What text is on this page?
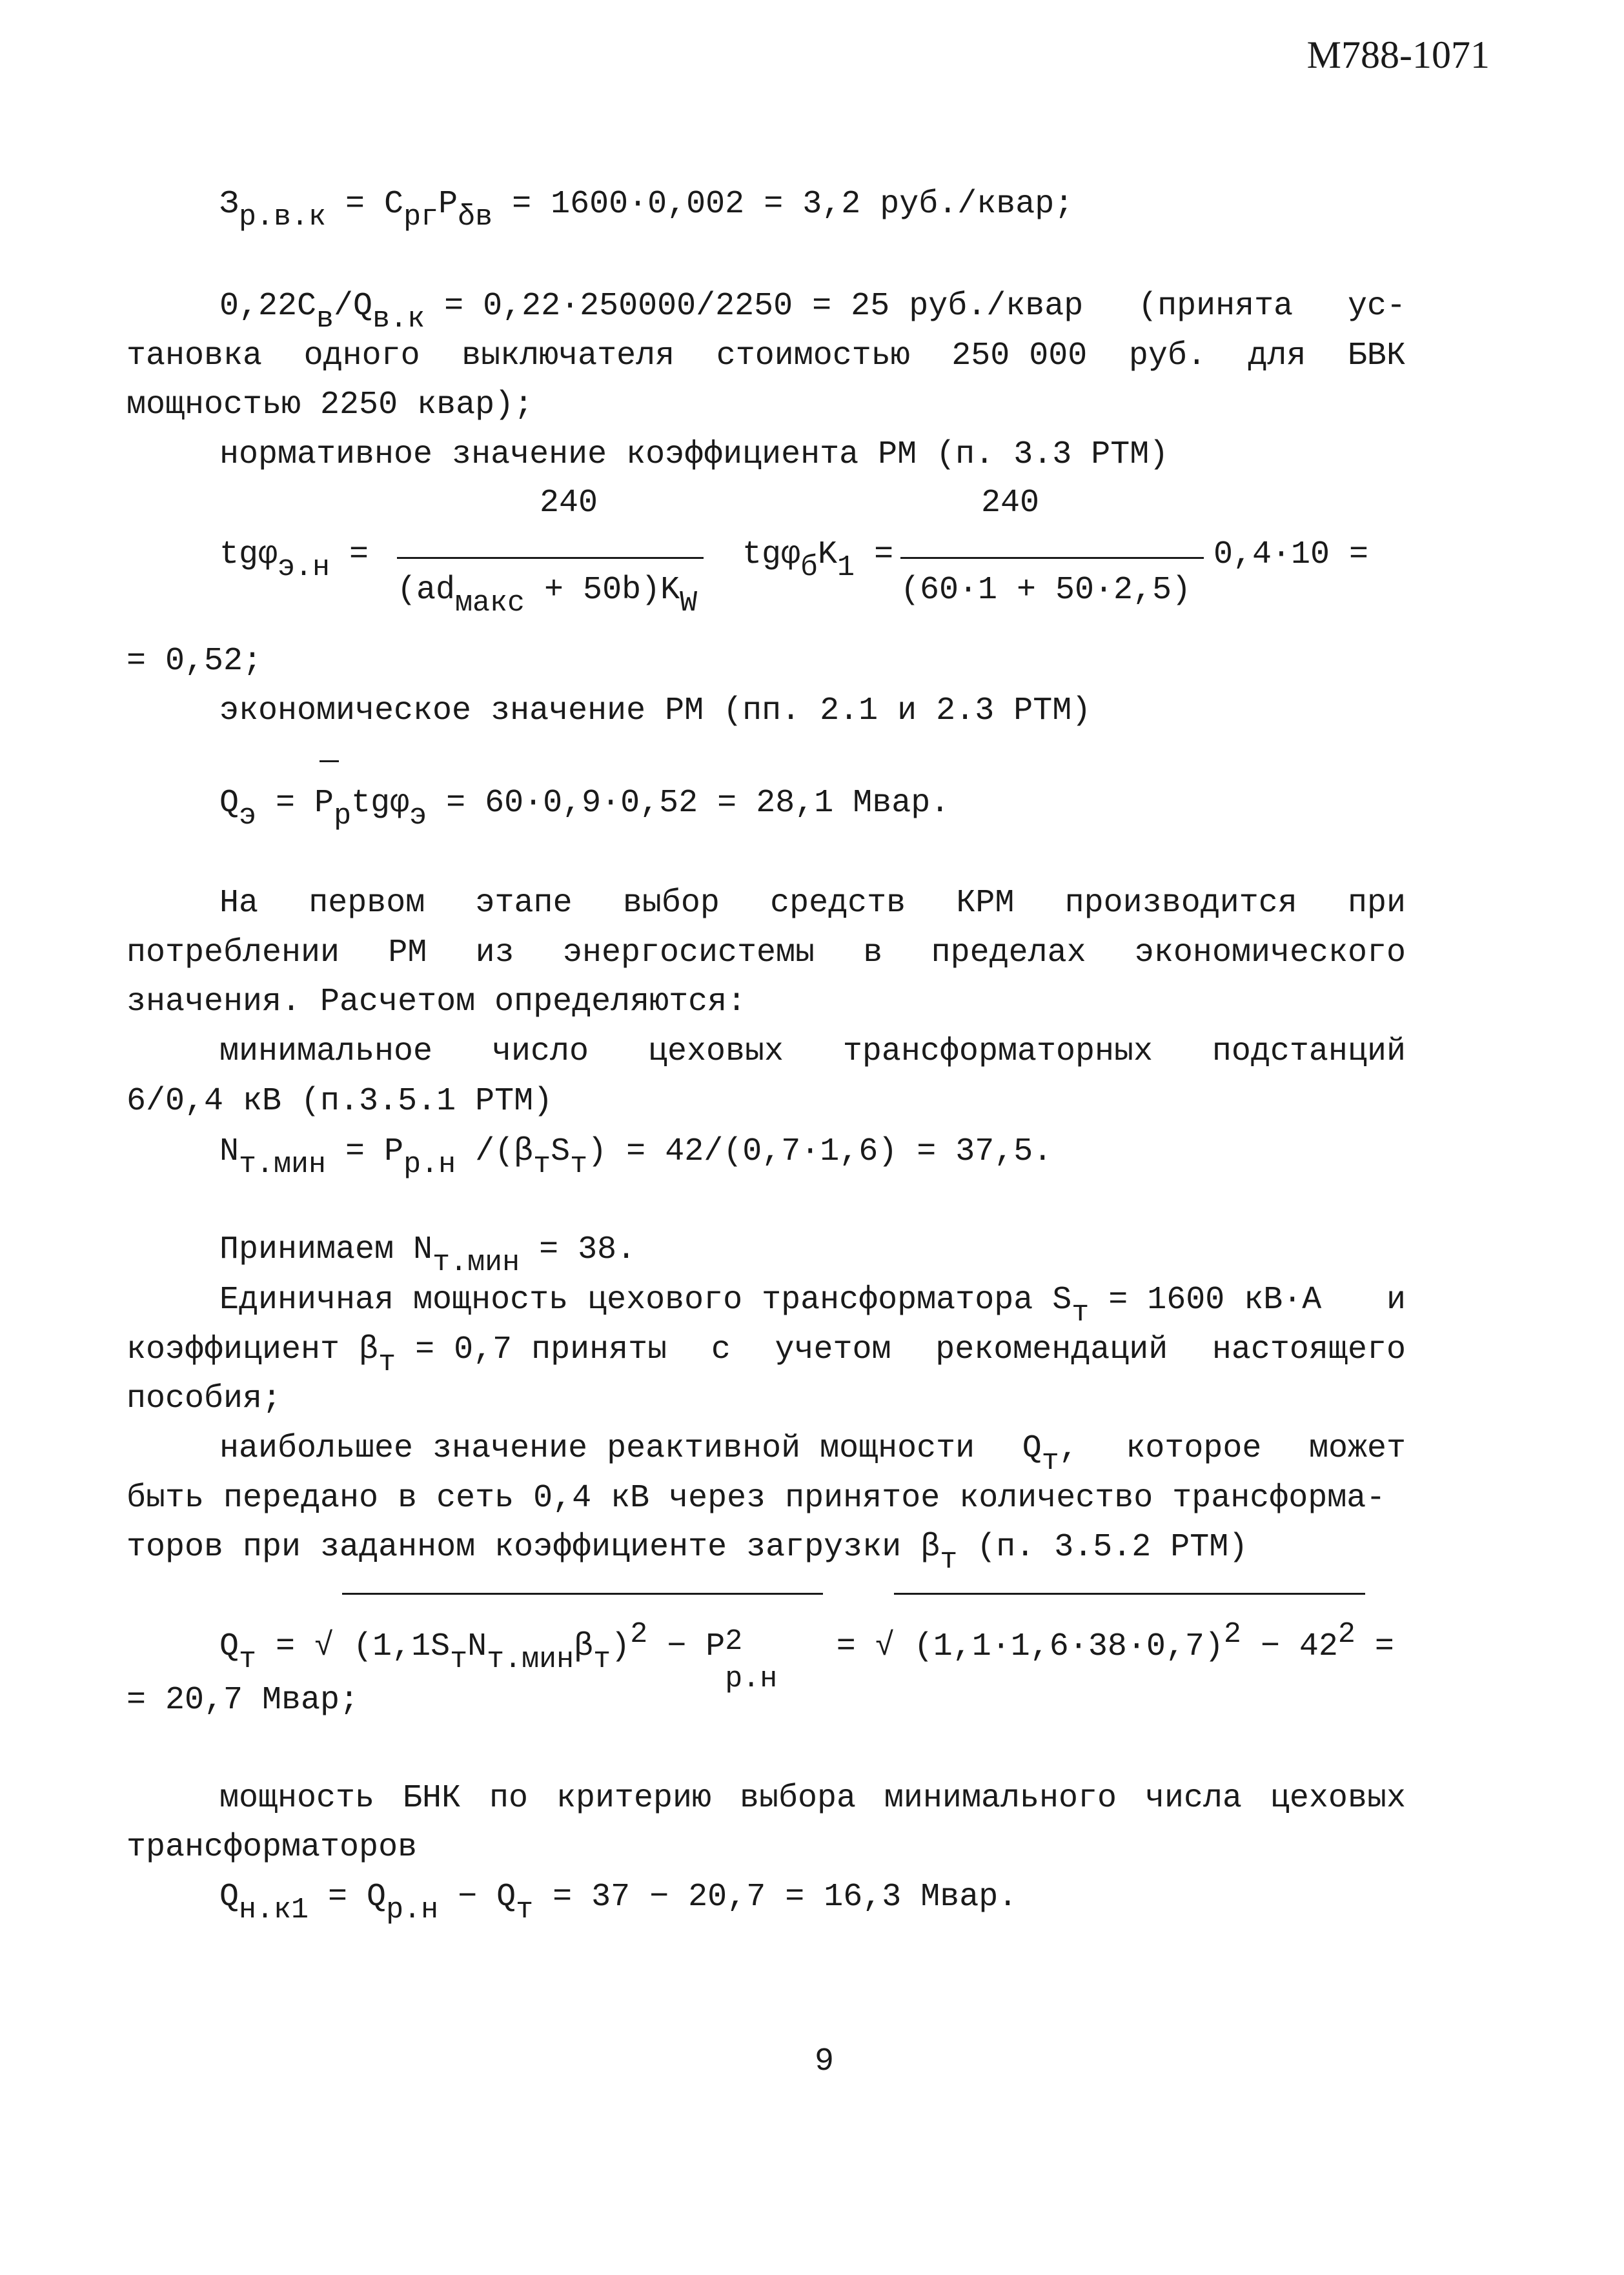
М788-1071
$З_{р.в.к} = С_{рг}Р_{\delta в} = 1600\cdot 0,002 = 3,2$ руб./квар;
$0,22С_в/Q_{в.к} = 0,22\cdot 250000/2250 = 25$ руб./квар (принята ус-
тановка одного выключателя стоимостью 250 000 руб. для БВК
мощностью 2250 квар);
нормативное значение коэффициента РМ (п. 3.3 РТМ)
240	240
tgφ$_{э.н}$ =	$tg\varphi_бK_1$ =	0,4·10 =
$(ad_{макс} + 50b)K_W$	(60·1 + 50·2,5)
= 0,52;
экономическое значение РМ (пп. 2.1 и 2.3 РТМ)
$Q_э = P_рtg\varphi_э = 60\cdot 0,9\cdot 0,52 = 28,1$ Мвар.
На первом этапе выбор средств КРМ производится при
потреблении РМ из энергосистемы в пределах экономического
значения. Расчетом определяются:
минимальное число цеховых трансформаторных подстанций
6/0,4 кВ (п.3.5.1 РТМ)
$N_{т.мин} = P_{р.н}$ $/(\beta_тS_т) = 42/(0,7\cdot 1,6) = 37,5$.
Принимаем $N_{т.мин} = 38$.
Единичная мощность цехового трансформатора $S_т = 1600$ кВ·А и
коэффициент $\beta_т = 0,7$ приняты с учетом рекомендаций настоящего
пособия;
наибольшее значение реактивной мощности $Q_т$, которое может
быть передано в сеть 0,4 кВ через принятое количество трансформа-
торов при заданном коэффициенте загрузки $\beta_т$ (п. 3.5.2 РТМ)
$Q_т$ = √ $(1,1S_тN_{т.мин}\beta_т)^2 - P$ 2
р.н
= √ $(1,1\cdot 1,6\cdot 38\cdot 0,7)^2 - 42^2$ =
= 20,7 Мвар;
мощность БНК по критерию выбора минимального числа цеховых
трансформаторов
$Q_{н.к1} = Q_{р.н} - Q_т = 37 - 20,7 = 16,3$ Мвар.
9
